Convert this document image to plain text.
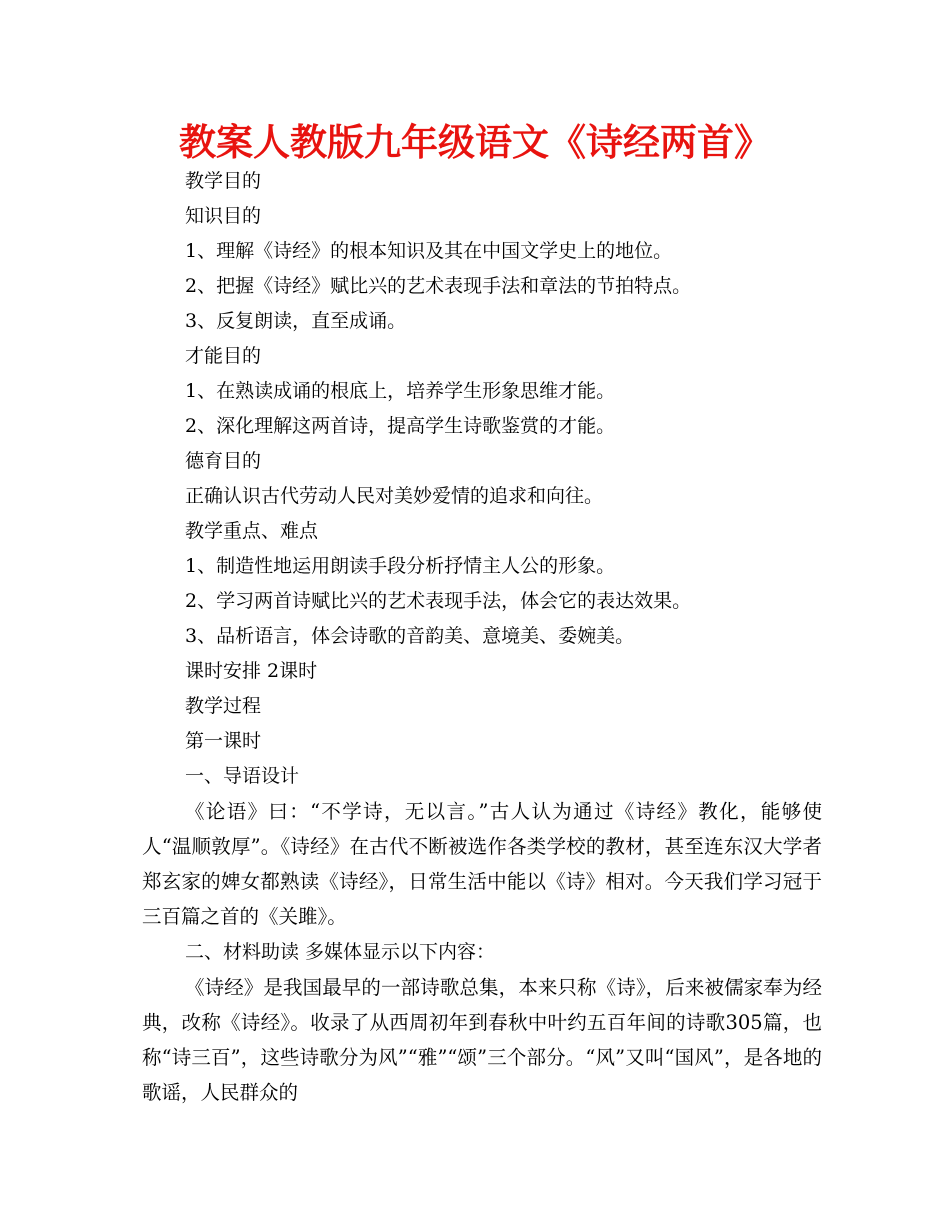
教案人教版九年级语文《诗经两首》
教学目的
知识目的
1、理解《诗经》的根本知识及其在中国文学史上的地位。
2、把握《诗经》赋比兴的艺术表现手法和章法的节拍特点。
3、反复朗读，直至成诵。
才能目的
1、在熟读成诵的根底上，培养学生形象思维才能。
2、深化理解这两首诗，提高学生诗歌鉴赏的才能。
德育目的
正确认识古代劳动人民对美妙爱情的追求和向往。
教学重点、难点
1、制造性地运用朗读手段分析抒情主人公的形象。
2、学习两首诗赋比兴的艺术表现手法，体会它的表达效果。
3、品析语言，体会诗歌的音韵美、意境美、委婉美。
课时安排 2课时
教学过程
第一课时
一、导语设计
《论语》曰：“不学诗，无以言。”古人认为通过《诗经》教化，能够使人“温顺敦厚”。《诗经》在古代不断被选作各类学校的教材，甚至连东汉大学者郑玄家的婢女都熟读《诗经》，日常生活中能以《诗》相对。今天我们学习冠于三百篇之首的《关雎》。
二、材料助读 多媒体显示以下内容：
《诗经》是我国最早的一部诗歌总集，本来只称《诗》，后来被儒家奉为经典，改称《诗经》。收录了从西周初年到春秋中叶约五百年间的诗歌305篇，也称“诗三百”，这些诗歌分为风”“雅”“颂”三个部分。“风”又叫“国风”，是各地的歌谣，人民群众的
